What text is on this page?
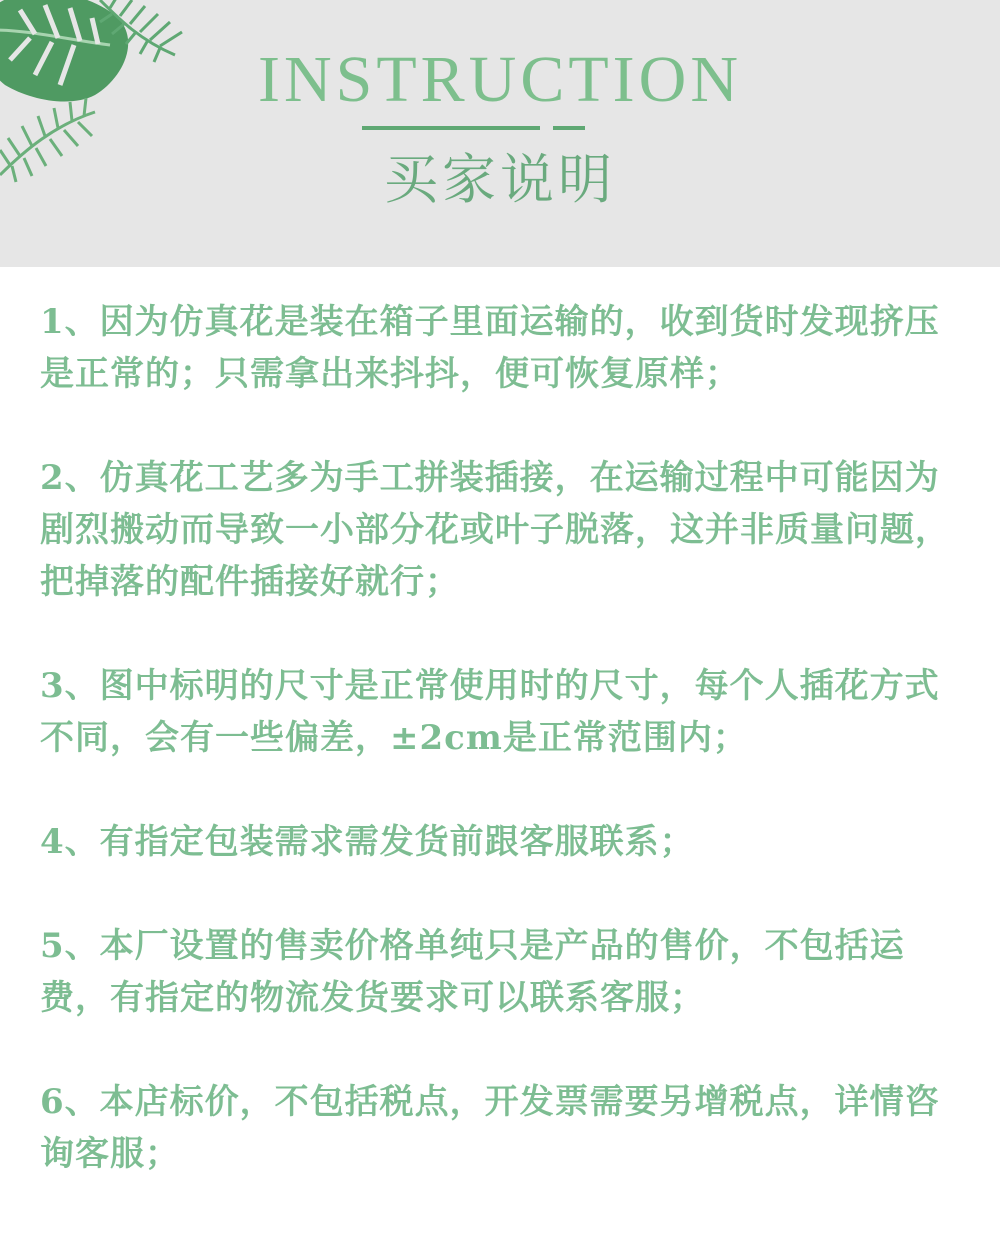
INSTRUCTION
买家说明

1、因为仿真花是装在箱子里面运输的，收到货时发现挤压是正常的；只需拿出来抖抖，便可恢复原样；

2、仿真花工艺多为手工拼装插接，在运输过程中可能因为剧烈搬动而导致一小部分花或叶子脱落，这并非质量问题，把掉落的配件插接好就行；

3、图中标明的尺寸是正常使用时的尺寸，每个人插花方式不同，会有一些偏差，±2cm是正常范围内；

4、有指定包装需求需发货前跟客服联系；

5、本厂设置的售卖价格单纯只是产品的售价，不包括运费，有指定的物流发货要求可以联系客服；

6、本店标价，不包括税点，开发票需要另增税点，详情咨询客服；
